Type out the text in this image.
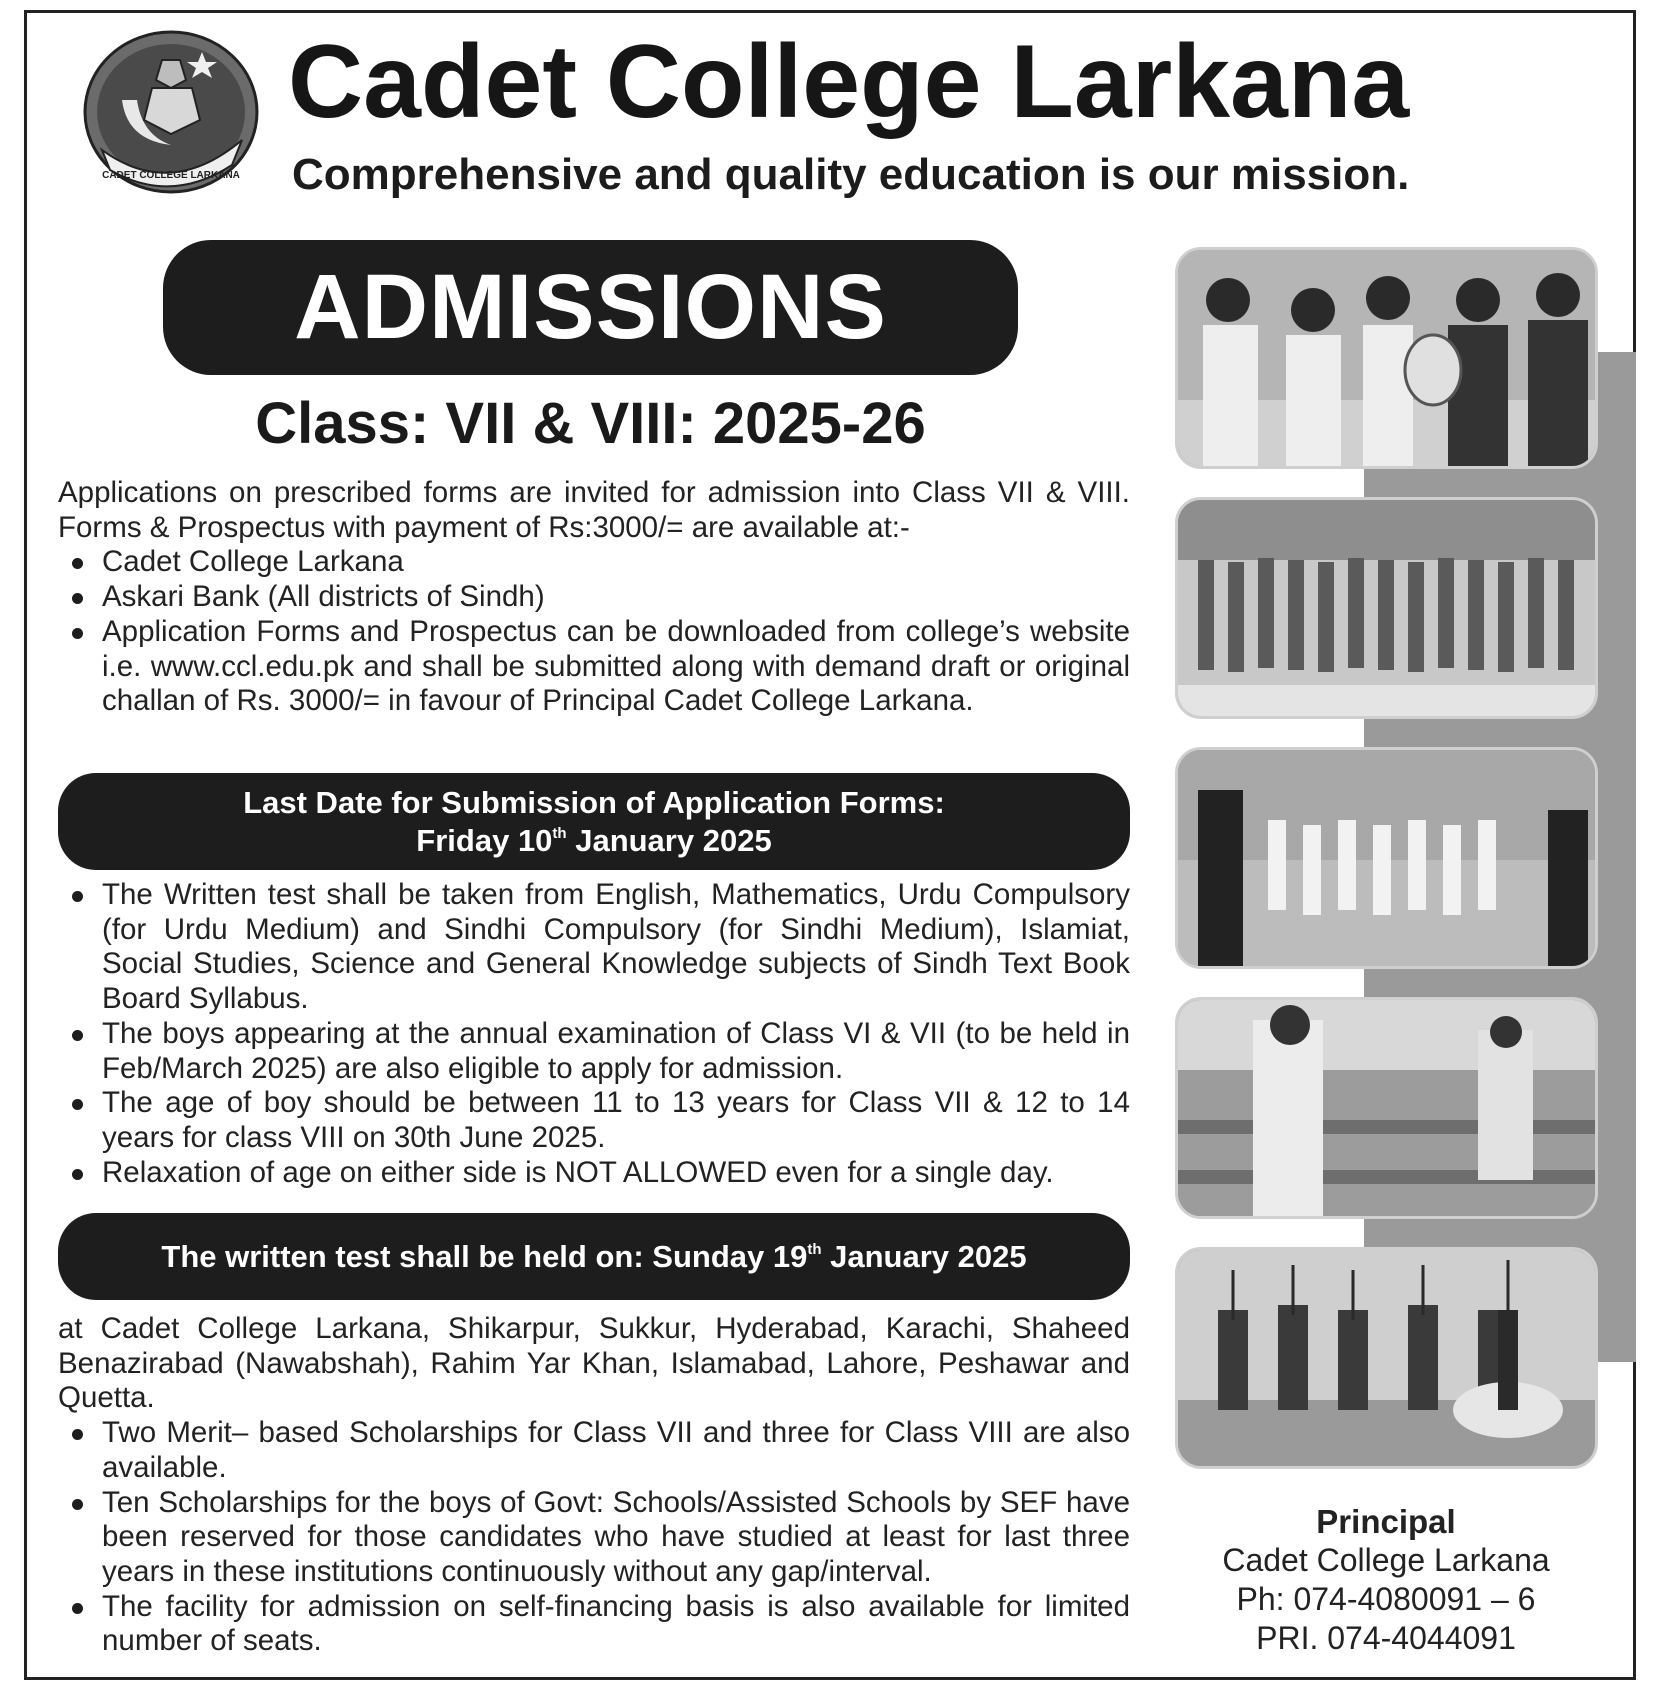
CADET COLLEGE LARKANA
Cadet College Larkana
Comprehensive and quality education is our mission.
ADMISSIONS
Class: VII & VIII: 2025-26

Applications on prescribed forms are invited for admission into Class VII & VIII. Forms & Prospectus with payment of Rs:3000/= are available at:-

Cadet College Larkana
Askari Bank (All districts of Sindh)
Application Forms and Prospectus can be downloaded from college’s website i.e. www.ccl.edu.pk and shall be submitted along with demand draft or original challan of Rs. 3000/= in favour of Principal Cadet College Larkana.
Last Date for Submission of Application Forms:
Friday 10th January 2025
The Written test shall be taken from English, Mathematics, Urdu Compulsory (for Urdu Medium) and Sindhi Compulsory (for Sindhi Medium), Islamiat, Social Studies, Science and General Knowledge subjects of Sindh Text Book Board Syllabus.
The boys appearing at the annual examination of Class VI & VII (to be held in Feb/March 2025) are also eligible to apply for admission.
The age of boy should be between 11 to 13 years for Class VII & 12 to 14 years for class VIII on 30th June 2025.
Relaxation of age on either side is NOT ALLOWED even for a single day.
The written test shall be held on: Sunday 19th January 2025

at Cadet College Larkana, Shikarpur, Sukkur, Hyderabad, Karachi, Shaheed Benazirabad (Nawabshah), Rahim Yar Khan, Islamabad, Lahore, Peshawar and Quetta.

Two Merit– based Scholarships for Class VII and three for Class VIII are also available.
Ten Scholarships for the boys of Govt: Schools/Assisted Schools by SEF have been reserved for those candidates who have studied at least for last three years in these institutions continuously without any gap/interval.
The facility for admission on self-financing basis is also available for limited number of seats.
Principal
Cadet College Larkana
Ph: 074-4080091 – 6
PRI. 074-4044091
